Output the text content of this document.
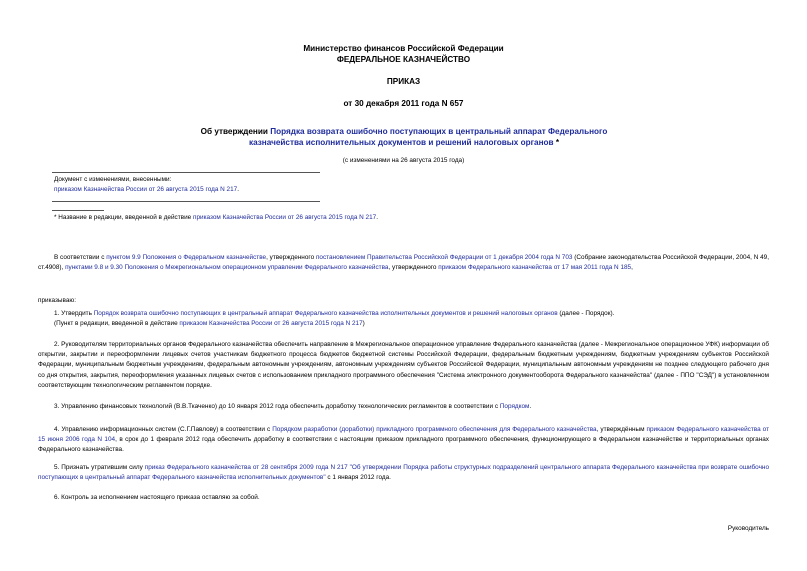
Министерство финансов Российской Федерации
ФЕДЕРАЛЬНОЕ КАЗНАЧЕЙСТВО
ПРИКАЗ
от 30 декабря 2011 года N 657
Об утверждении Порядка возврата ошибочно поступающих в центральный аппарат Федерального казначейства исполнительных документов и решений налоговых органов *
(с изменениями на 26 августа 2015 года)
Документ с изменениями, внесенными:
приказом Казначейства России от 26 августа 2015 года N 217.
* Название в редакции, введенной в действие приказом Казначейства России от 26 августа 2015 года N 217.
В соответствии с пунктом 9.9 Положения о Федеральном казначействе, утвержденного постановлением Правительства Российской Федерации от 1 декабря 2004 года N 703 (Собрание законодательства Российской Федерации, 2004, N 49, ст.4908), пунктами 9.8 и 9.30 Положения о Межрегиональном операционном управлении Федерального казначейства, утвержденного приказом Федерального казначейства от 17 мая 2011 года N 185,
приказываю:
1. Утвердить Порядок возврата ошибочно поступающих в центральный аппарат Федерального казначейства исполнительных документов и решений налоговых органов (далее - Порядок).
(Пункт в редакции, введенной в действие приказом Казначейства России от 26 августа 2015 года N 217)
2. Руководителям территориальных органов Федерального казначейства обеспечить направление в Межрегиональное операционное управление Федерального казначейства (далее - Межрегиональное операционное УФК) информации об открытии, закрытии и переоформлении лицевых счетов участникам бюджетного процесса бюджетов бюджетной системы Российской Федерации, федеральным бюджетным учреждениям, бюджетным учреждениям субъектов Российской Федерации, муниципальным бюджетным учреждениям, федеральным автономным учреждениям, автономным учреждениям субъектов Российской Федерации, муниципальным автономным учреждениям не позднее следующего рабочего дня со дня открытия, закрытия, переоформления указанных лицевых счетов с использованием прикладного программного обеспечения "Система электронного документооборота Федерального казначейства" (далее - ППО "СЭД") в установленном соответствующим технологическим регламентом порядке.
3. Управлению финансовых технологий (В.В.Ткаченко) до 10 января 2012 года обеспечить доработку технологических регламентов в соответствии с Порядком.
4. Управлению информационных систем (С.Г.Павлову) в соответствии с Порядком разработки (доработки) прикладного программного обеспечения для Федерального казначейства, утверждённым приказом Федерального казначейства от 15 июня 2006 года N 104, в срок до 1 февраля 2012 года обеспечить доработку в соответствии с настоящим приказом прикладного программного обеспечения, функционирующего в Федеральном казначействе и территориальных органах Федерального казначейства.
5. Признать утратившим силу приказ Федерального казначейства от 28 сентября 2009 года N 217 "Об утверждении Порядка работы структурных подразделений центрального аппарата Федерального казначейства при возврате ошибочно поступающих в центральный аппарат Федерального казначейства исполнительных документов" с 1 января 2012 года.
6. Контроль за исполнением настоящего приказа оставляю за собой.
Руководитель
